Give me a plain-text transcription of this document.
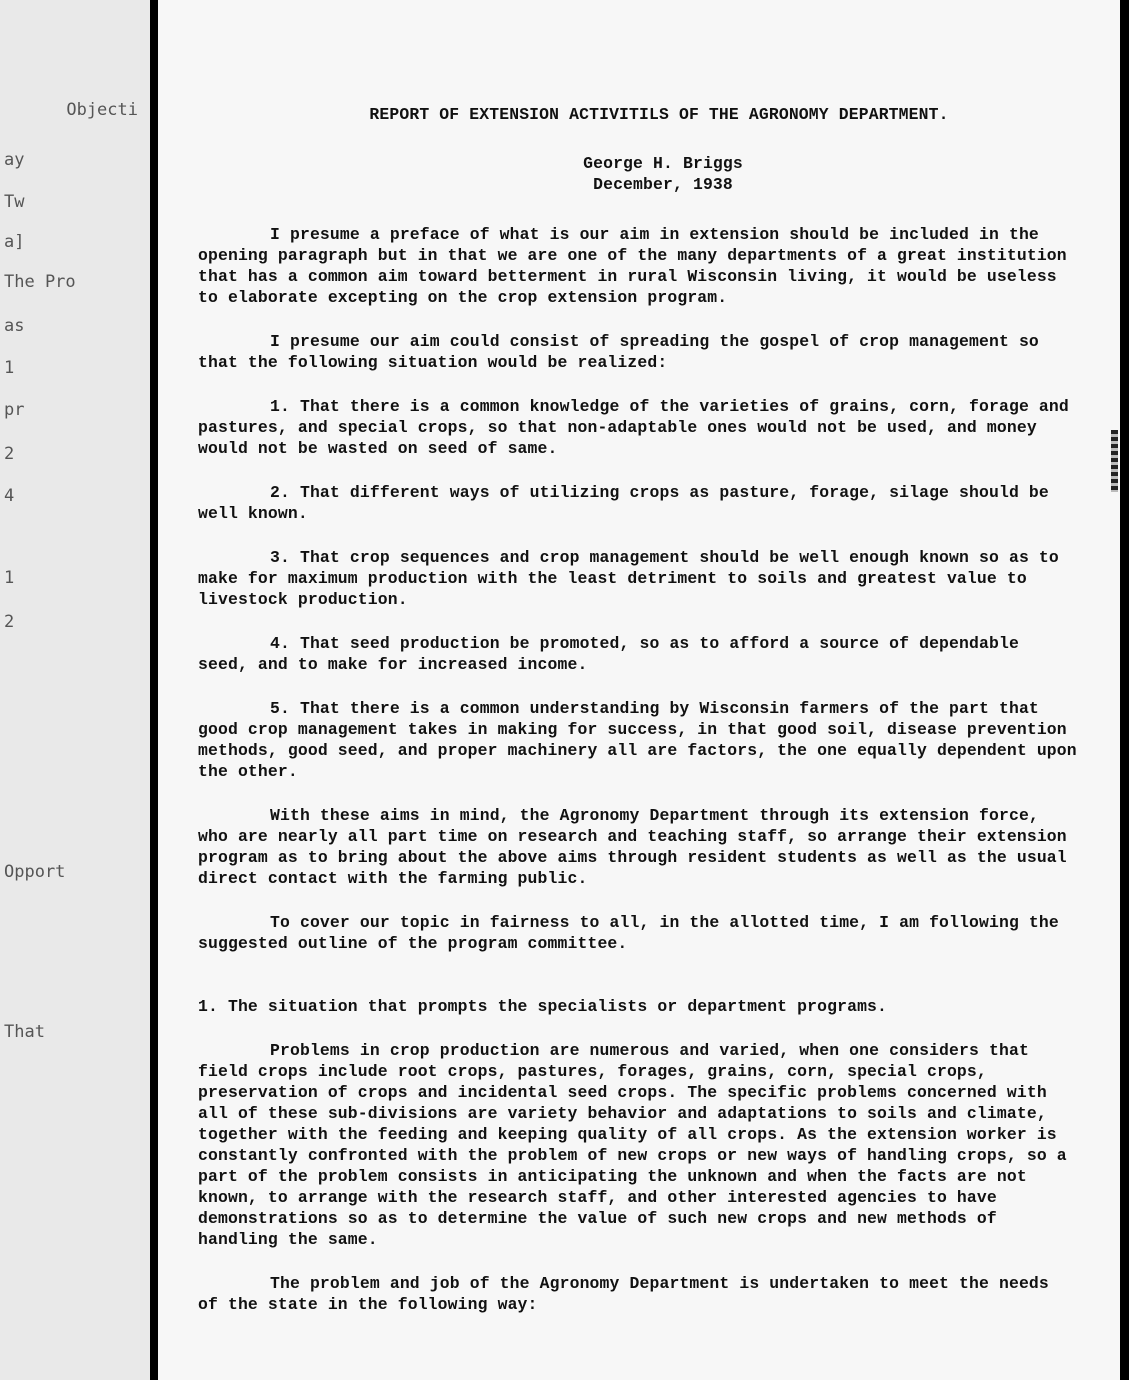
Objecti
ay
Tw
a]
The Pro
as
1
pr
2
4
1
2
Opport
That

REPORT OF EXTENSION ACTIVITILS OF THE AGRONOMY DEPARTMENT.

George H. Briggs
December, 1938

I presume a preface of what is our aim in extension should be included in the opening paragraph but in that we are one of the many departments of a great institution that has a common aim toward betterment in rural Wisconsin living, it would be useless to elaborate excepting on the crop extension program.

I presume our aim could consist of spreading the gospel of crop management so that the following situation would be realized:

1. That there is a common knowledge of the varieties of grains, corn, forage and pastures, and special crops, so that non-adaptable ones would not be used, and money would not be wasted on seed of same.

2. That different ways of utilizing crops as pasture, forage, silage should be well known.

3. That crop sequences and crop management should be well enough known so as to make for maximum production with the least detriment to soils and greatest value to livestock production.

4. That seed production be promoted, so as to afford a source of dependable seed, and to make for increased income.

5. That there is a common understanding by Wisconsin farmers of the part that good crop management takes in making for success, in that good soil, disease prevention methods, good seed, and proper machinery all are factors, the one equally dependent upon the other.

With these aims in mind, the Agronomy Department through its extension force, who are nearly all part time on research and teaching staff, so arrange their extension program as to bring about the above aims through resident students as well as the usual direct contact with the farming public.

To cover our topic in fairness to all, in the allotted time, I am following the suggested outline of the program committee.

1. The situation that prompts the specialists or department programs.

Problems in crop production are numerous and varied, when one considers that field crops include root crops, pastures, forages, grains, corn, special crops, preservation of crops and incidental seed crops. The specific problems concerned with all of these sub-divisions are variety behavior and adaptations to soils and climate, together with the feeding and keeping quality of all crops. As the extension worker is constantly confronted with the problem of new crops or new ways of handling crops, so a part of the problem consists in anticipating the unknown and when the facts are not known, to arrange with the research staff, and other interested agencies to have demonstrations so as to determine the value of such new crops and new methods of handling the same.

The problem and job of the Agronomy Department is undertaken to meet the needs of the state in the following way:
